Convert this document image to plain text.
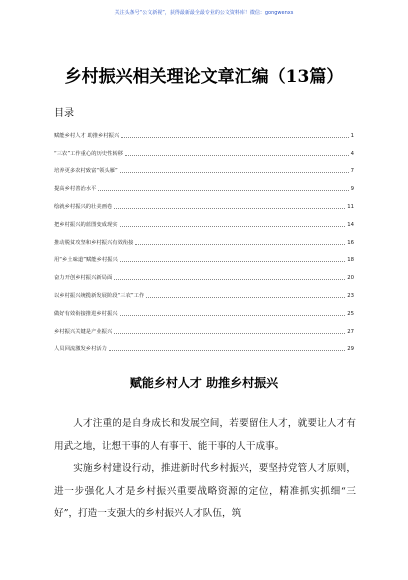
关注头条号“公文新视”，获得最新最全最专业的公文资料库！微信：gongwenxs
乡村振兴相关理论文章汇编（13篇）
目录
赋能乡村人才 助推乡村振兴	1
“三农”工作重心的历史性转移	4
培养更多农村致富“领头雁”	7
提高乡村善治水平	9
绘就乡村振兴的壮美画卷	11
把乡村振兴的蓝图变成现实	14
推动脱贫攻坚和乡村振兴有效衔接	16
用“乡土味道”赋能乡村振兴	18
奋力开创乡村振兴新局面	20
以乡村振兴统揽新发展阶段“三农”工作	23
做好有效衔接推进乡村振兴	25
乡村振兴关键是产业振兴	27
人员回流激发乡村活力	29
赋能乡村人才 助推乡村振兴

人才注重的是自身成长和发展空间，若要留住人才，就要让人才有用武之地，让想干事的人有事干、能干事的人干成事。

实施乡村建设行动，推进新时代乡村振兴，要坚持党管人才原则，进一步强化人才是乡村振兴重要战略资源的定位，精准抓实抓细“三好”，打造一支强大的乡村振兴人才队伍，筑
